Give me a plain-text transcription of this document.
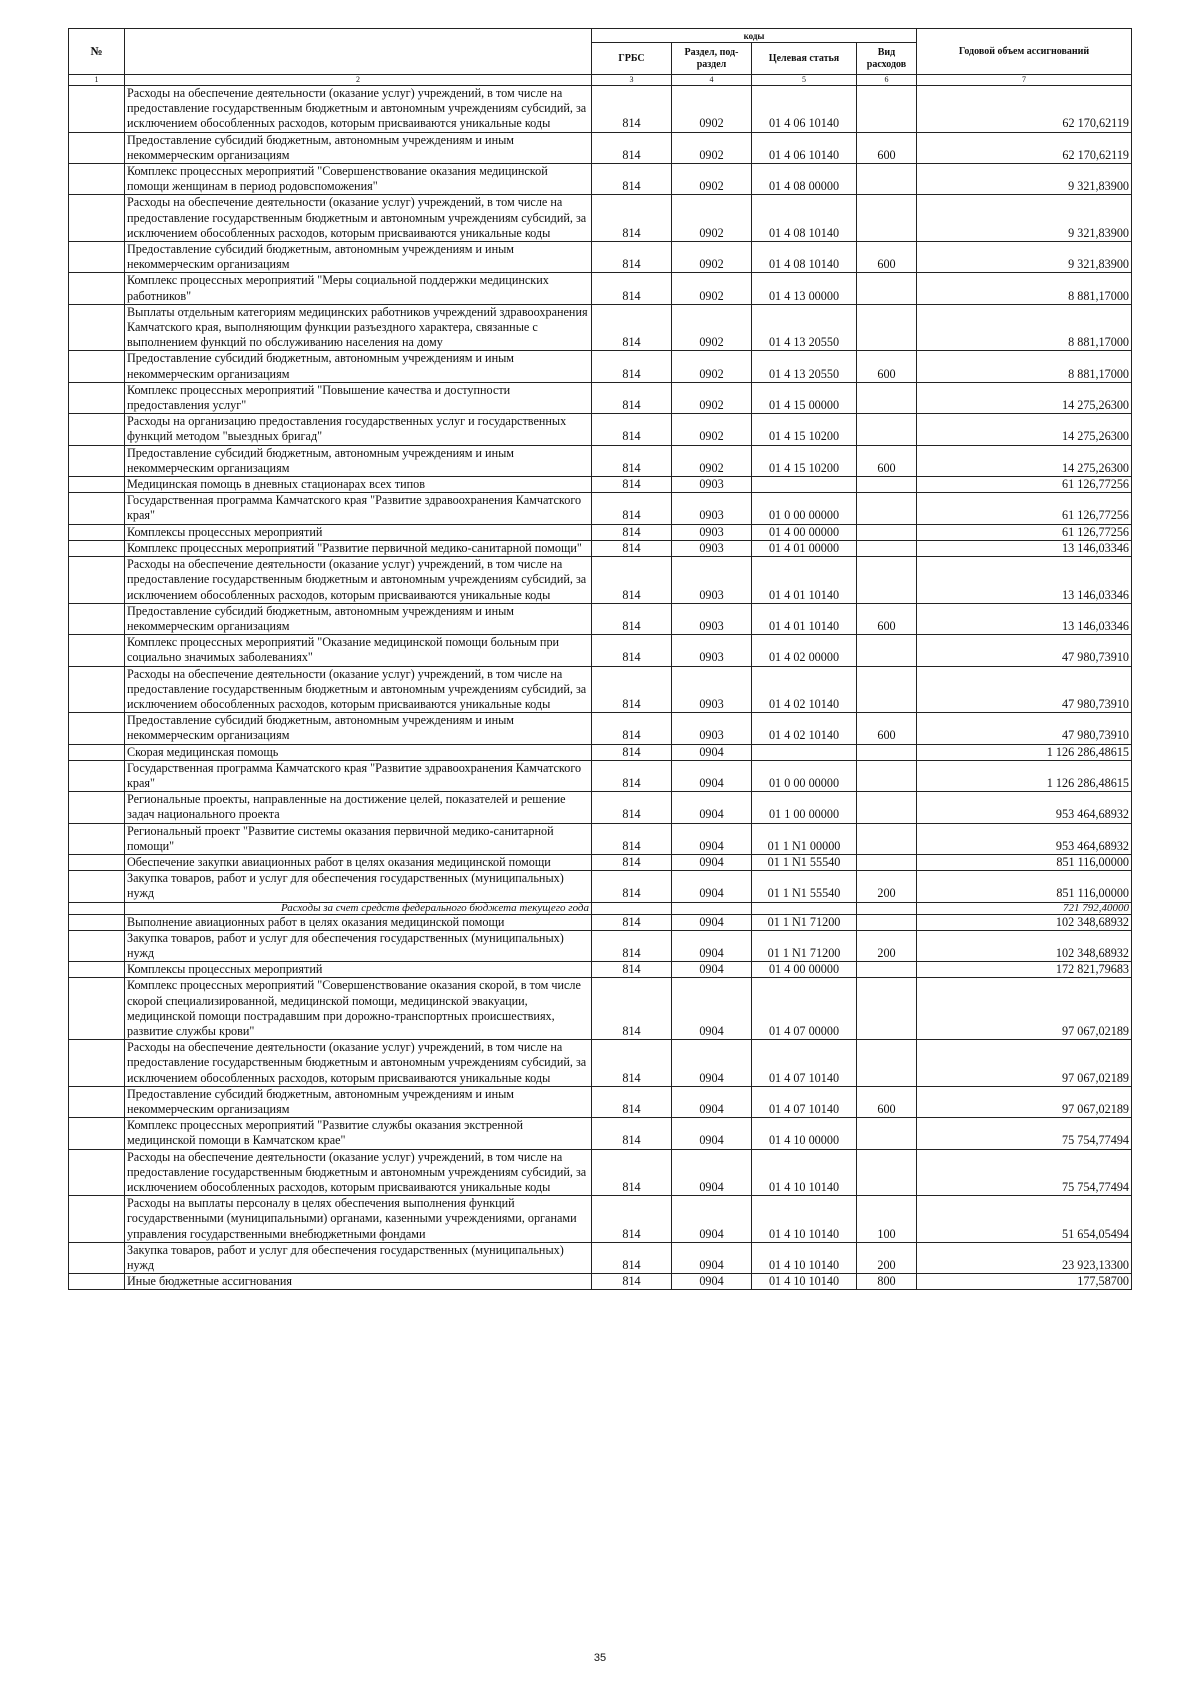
№		коды				Годовой объем ассигнований
		ГРБС	Раздел, под-раздел	Целевая статья	Вид расходов	
1	2	3	4	5	6	7
	Расходы на обеспечение деятельности (оказание услуг) учреждений, в том числе на предоставление государственным бюджетным и автономным учреждениям субсидий, за исключением обособленных расходов, которым присваиваются уникальные коды	814	0902	01 4 06 10140		62 170,62119
	Предоставление субсидий бюджетным, автономным учреждениям и иным некоммерческим организациям	814	0902	01 4 06 10140	600	62 170,62119
	Комплекс процессных мероприятий "Совершенствование оказания медицинской помощи женщинам в период родовспоможения"	814	0902	01 4 08 00000		9 321,83900
	Расходы на обеспечение деятельности (оказание услуг) учреждений, в том числе на предоставление государственным бюджетным и автономным учреждениям субсидий, за исключением обособленных расходов, которым присваиваются уникальные коды	814	0902	01 4 08 10140		9 321,83900
	Предоставление субсидий бюджетным, автономным учреждениям и иным некоммерческим организациям	814	0902	01 4 08 10140	600	9 321,83900
	Комплекс процессных мероприятий "Меры социальной поддержки медицинских работников"	814	0902	01 4 13 00000		8 881,17000
	Выплаты отдельным категориям медицинских работников учреждений здравоохранения Камчатского края, выполняющим функции разъездного характера, связанные с выполнением функций по обслуживанию населения на дому	814	0902	01 4 13 20550		8 881,17000
	Предоставление субсидий бюджетным, автономным учреждениям и иным некоммерческим организациям	814	0902	01 4 13 20550	600	8 881,17000
	Комплекс процессных мероприятий "Повышение качества и доступности предоставления услуг"	814	0902	01 4 15 00000		14 275,26300
	Расходы на организацию предоставления государственных услуг и государственных функций методом "выездных бригад"	814	0902	01 4 15 10200		14 275,26300
	Предоставление субсидий бюджетным, автономным учреждениям и иным некоммерческим организациям	814	0902	01 4 15 10200	600	14 275,26300
	Медицинская помощь в дневных стационарах всех типов	814	0903			61 126,77256
	Государственная программа Камчатского края "Развитие здравоохранения Камчатского края"	814	0903	01 0 00 00000		61 126,77256
	Комплексы процессных мероприятий	814	0903	01 4 00 00000		61 126,77256
	Комплекс процессных мероприятий "Развитие первичной медико-санитарной помощи"	814	0903	01 4 01 00000		13 146,03346
	Расходы на обеспечение деятельности (оказание услуг) учреждений, в том числе на предоставление государственным бюджетным и автономным учреждениям субсидий, за исключением обособленных расходов, которым присваиваются уникальные коды	814	0903	01 4 01 10140		13 146,03346
	Предоставление субсидий бюджетным, автономным учреждениям и иным некоммерческим организациям	814	0903	01 4 01 10140	600	13 146,03346
	Комплекс процессных мероприятий "Оказание медицинской помощи больным при социально значимых заболеваниях"	814	0903	01 4 02 00000		47 980,73910
	Расходы на обеспечение деятельности (оказание услуг) учреждений, в том числе на предоставление государственным бюджетным и автономным учреждениям субсидий, за исключением обособленных расходов, которым присваиваются уникальные коды	814	0903	01 4 02 10140		47 980,73910
	Предоставление субсидий бюджетным, автономным учреждениям и иным некоммерческим организациям	814	0903	01 4 02 10140	600	47 980,73910
	Скорая медицинская помощь	814	0904			1 126 286,48615
	Государственная программа Камчатского края "Развитие здравоохранения Камчатского края"	814	0904	01 0 00 00000		1 126 286,48615
	Региональные проекты, направленные на достижение целей, показателей и решение задач национального проекта	814	0904	01 1 00 00000		953 464,68932
	Региональный проект "Развитие системы оказания первичной медико-санитарной помощи"	814	0904	01 1 N1 00000		953 464,68932
	Обеспечение закупки авиационных работ в целях оказания медицинской помощи	814	0904	01 1 N1 55540		851 116,00000
	Закупка товаров, работ и услуг для обеспечения государственных (муниципальных) нужд	814	0904	01 1 N1 55540	200	851 116,00000
	Расходы за счет средств федерального бюджета текущего года					721 792,40000
	Выполнение авиационных работ в целях оказания медицинской помощи	814	0904	01 1 N1 71200		102 348,68932
	Закупка товаров, работ и услуг для обеспечения государственных (муниципальных) нужд	814	0904	01 1 N1 71200	200	102 348,68932
	Комплексы процессных мероприятий	814	0904	01 4 00 00000		172 821,79683
	Комплекс процессных мероприятий "Совершенствование оказания скорой, в том числе скорой специализированной, медицинской помощи, медицинской эвакуации, медицинской помощи пострадавшим при дорожно-транспортных происшествиях, развитие службы крови"	814	0904	01 4 07 00000		97 067,02189
	Расходы на обеспечение деятельности (оказание услуг) учреждений, в том числе на предоставление государственным бюджетным и автономным учреждениям субсидий, за исключением обособленных расходов, которым присваиваются уникальные коды	814	0904	01 4 07 10140		97 067,02189
	Предоставление субсидий бюджетным, автономным учреждениям и иным некоммерческим организациям	814	0904	01 4 07 10140	600	97 067,02189
	Комплекс процессных мероприятий "Развитие службы оказания экстренной медицинской помощи в Камчатском крае"	814	0904	01 4 10 00000		75 754,77494
	Расходы на обеспечение деятельности (оказание услуг) учреждений, в том числе на предоставление государственным бюджетным и автономным учреждениям субсидий, за исключением обособленных расходов, которым присваиваются уникальные коды	814	0904	01 4 10 10140		75 754,77494
	Расходы на выплаты персоналу в целях обеспечения выполнения функций государственными (муниципальными) органами, казенными учреждениями, органами управления государственными внебюджетными фондами	814	0904	01 4 10 10140	100	51 654,05494
	Закупка товаров, работ и услуг для обеспечения государственных (муниципальных) нужд	814	0904	01 4 10 10140	200	23 923,13300
	Иные бюджетные ассигнования	814	0904	01 4 10 10140	800	177,58700
35
